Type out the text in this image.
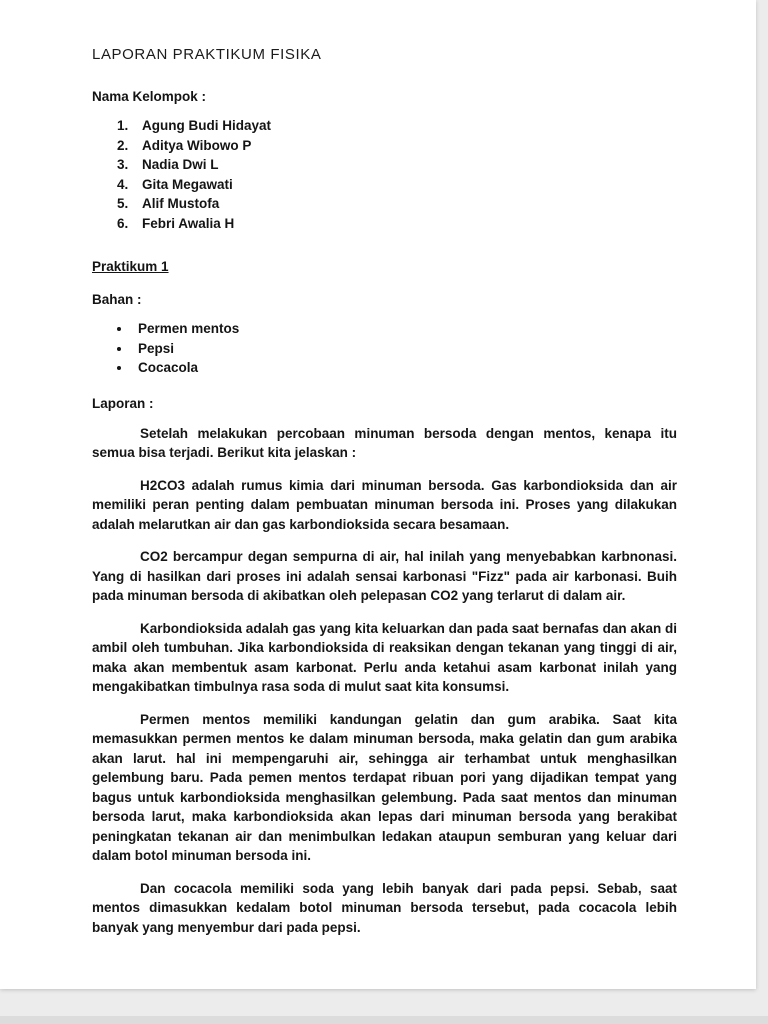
LAPORAN PRAKTIKUM FISIKA
Nama Kelompok :
1. Agung Budi Hidayat
2. Aditya Wibowo P
3. Nadia Dwi L
4. Gita Megawati
5. Alif Mustofa
6. Febri Awalia H
Praktikum 1
Bahan :
• Permen mentos
• Pepsi
• Cocacola
Laporan :

Setelah melakukan percobaan minuman bersoda dengan mentos, kenapa itu semua bisa terjadi. Berikut kita jelaskan :

H2CO3 adalah rumus kimia dari minuman bersoda. Gas karbondioksida dan air memiliki peran penting dalam pembuatan minuman bersoda ini. Proses yang dilakukan adalah melarutkan air dan gas karbondioksida secara besamaan.

CO2 bercampur degan sempurna di air, hal inilah yang menyebabkan karbnonasi. Yang di hasilkan dari proses ini adalah sensai karbonasi "Fizz" pada air karbonasi. Buih pada minuman bersoda di akibatkan oleh pelepasan CO2 yang terlarut di dalam air.

Karbondioksida adalah gas yang kita keluarkan dan pada saat bernafas dan akan di ambil oleh tumbuhan. Jika karbondioksida di reaksikan dengan tekanan yang tinggi di air, maka akan membentuk asam karbonat. Perlu anda ketahui asam karbonat inilah yang mengakibatkan timbulnya rasa soda di mulut saat kita konsumsi.

Permen mentos memiliki kandungan gelatin dan gum arabika. Saat kita memasukkan permen mentos ke dalam minuman bersoda, maka gelatin dan gum arabika akan larut. hal ini mempengaruhi air, sehingga air terhambat untuk menghasilkan gelembung baru. Pada pemen mentos terdapat ribuan pori yang dijadikan tempat yang bagus untuk karbondioksida menghasilkan gelembung. Pada saat mentos dan minuman bersoda larut, maka karbondioksida akan lepas dari minuman bersoda yang berakibat peningkatan tekanan air dan menimbulkan ledakan ataupun semburan yang keluar dari dalam botol minuman bersoda ini.

Dan cocacola memiliki soda yang lebih banyak dari pada pepsi. Sebab, saat mentos dimasukkan kedalam botol minuman bersoda tersebut, pada cocacola lebih banyak yang menyembur dari pada pepsi.
